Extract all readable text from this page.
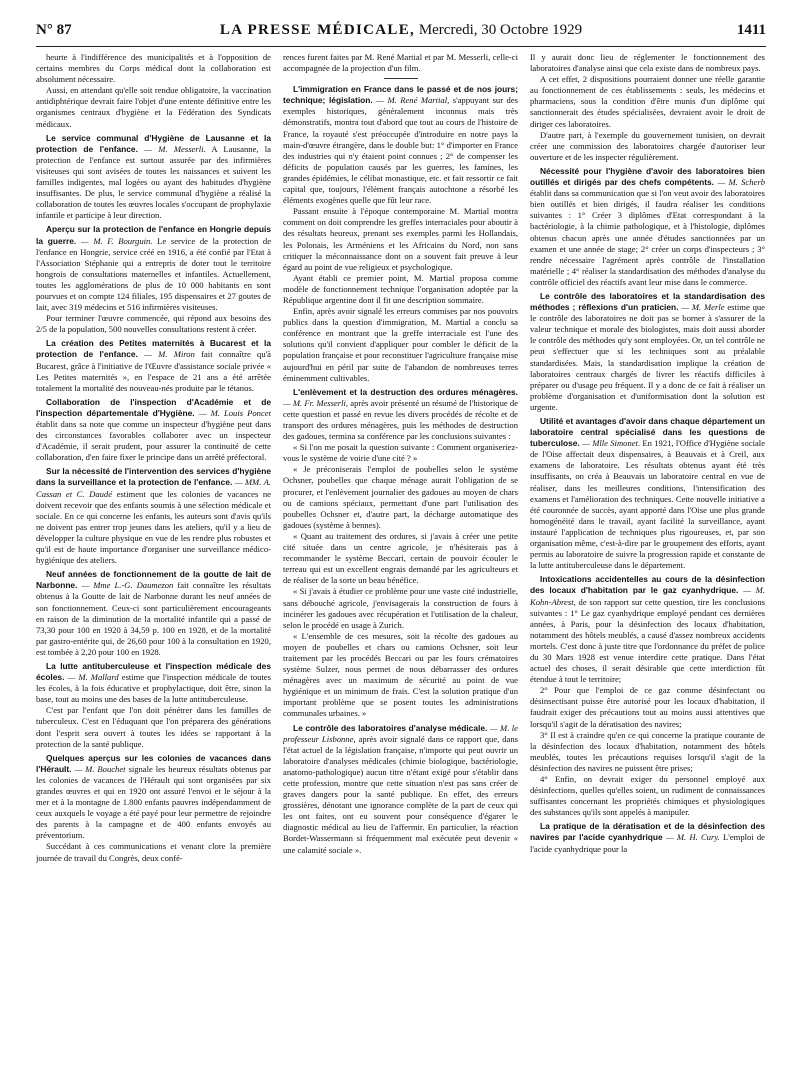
N° 87	LA PRESSE MÉDICALE, Mercredi, 30 Octobre 1929	1411

heurte à l'indifférence des municipalités et à l'opposition de certains membres du Corps médical dont la collaboration est absolument nécessaire.

Aussi, en attendant qu'elle soit rendue obligatoire, la vaccination antidiphtérique devrait faire l'objet d'une entente définitive entre les organismes centraux d'hygiène et la Fédération des Syndicats médicaux.

Le service communal d'Hygiène de Lausanne et la protection de l'enfance. — M. Messerli. A Lausanne, la protection de l'enfance est surtout assurée par des infirmières visiteuses qui sont avisées de toutes les naissances et suivent les familles indigentes, mal logées ou ayant des habitudes d'hygiène insuffisantes. De plus, le service communal d'hygiène a réalisé la collaboration de toutes les œuvres locales s'occupant de prophylaxie infantile et participe à leur direction.

Aperçu sur la protection de l'enfance en Hongrie depuis la guerre. — M. F. Bourguin. Le service de la protection de l'enfance en Hongrie, service créé en 1916, a été confié par l'Etat à l'Association Stéphanie qui a entrepris de doter tout le territoire hongrois de consultations maternelles et infantiles. Actuellement, toutes les agglomérations de plus de 10 000 habitants en sont pourvues et on compte 124 filiales, 195 dispensaires et 27 goutes de lait, avec 319 médecins et 516 infirmières visiteuses.

Pour terminer l'œuvre commencée, qui répond aux besoins des 2/5 de la population, 500 nouvelles consultations restent à créer.

La création des Petites maternités à Bucarest et la protection de l'enfance. — M. Miron fait connaître qu'à Bucarest, grâce à l'initiative de l'Œuvre d'assistance sociale privée « Les Petites maternités », en l'espace de 21 ans a été arrêtée totalement la mortalité des nouveau-nés produite par le tétanos.

Collaboration de l'inspection d'Académie et de l'inspection départementale d'Hygiène. — M. Louis Poncet établit dans sa note que comme un inspecteur d'hygiène peut dans des circonstances favorables collaborer avec un inspecteur d'Académie, il serait prudent, pour assurer la continuité de cette collaboration, d'en faire fixer le principe dans un arrêté préfectoral.

Sur la nécessité de l'intervention des services d'hygiène dans la surveillance et la protection de l'enfance. — MM. A. Cassan et C. Daudé estiment que les colonies de vacances ne doivent recevoir que des enfants soumis à une sélection médicale et sociale. En ce qui concerne les enfants, les auteurs sont d'avis qu'ils ne doivent pas entrer trop jeunes dans les ateliers, qu'il y a lieu de développer la culture physique en vue de les rendre plus robustes et qu'il est de haute importance d'organiser une surveillance médico-hygiénique des ateliers.

Neuf années de fonctionnement de la goutte de lait de Narbonne. — Mme L.-G. Daumezon fait connaître les résultats obtenus à la Goutte de lait de Narbonne durant les neuf années de son fonctionnement. Ceux-ci sont particulièrement encourageants en raison de la diminution de la mortalité infantile qui a passé de 73,30 pour 100 en 1920 à 34,59 p. 100 en 1928, et de la mortalité par gastro-entérite qui, de 26,60 pour 100 à la consultation en 1920, est tombée à 2,20 pour 100 en 1928.

La lutte antituberculeuse et l'inspection médicale des écoles. — M. Mallard estime que l'inspection médicale de toutes les écoles, à la fois éducative et prophylactique, doit être, sinon la base, tout au moins une des bases de la lutte antituberculeuse.

C'est par l'enfant que l'on doit pénétrer dans les familles de tuberculeux. C'est en l'éduquant que l'on préparera des générations dont l'esprit sera ouvert à toutes les idées se rapportant à la protection de la santé publique.

Quelques aperçus sur les colonies de vacances dans l'Hérault. — M. Bouchet signale les heureux résultats obtenus par les colonies de vacances de l'Hérault qui sont organisées par six grandes œuvres et qui en 1920 ont assuré l'envoi et le séjour à la mer et à la montagne de 1.800 enfants pauvres indépendamment de ceux auxquels le voyage a été payé pour leur permettre de rejoindre des parents à la campagne et de 400 enfants envoyés au préventorium.

Succédant à ces communications et venant clore la première journée de travail du Congrès, deux confé-

rences furent faites par M. René Martial et par M. Messerli, celle-ci accompagnée de la projection d'un film.

L'immigration en France dans le passé et de nos jours; technique; législation. — M. René Martial, s'appuyant sur des exemples historiques, généralement inconnus mais très démonstratifs, montra tout d'abord que tout au cours de l'histoire de France, la royauté s'est préoccupée d'introduire en notre pays la main-d'œuvre étrangère, dans le double but: 1° d'importer en France des industries qui n'y étaient point connues ; 2° de compenser les déficits de population causés par les guerres, les famines, les grandes épidémies, le célibat monastique, etc. et fait ressortir ce fait capital que, toujours, l'élément français autochtone a résorbé les éléments exogènes quelle que fût leur race.

Passant ensuite à l'époque contemporaine M. Martial montra comment on doit comprendre les greffes interraciales pour aboutir à des résultats heureux, prenant ses exemples parmi les Hollandais, les Polonais, les Arméniens et les Africains du Nord, non sans critiquer la méconnaissance dont on a souvent fait preuve à leur égard au point de vue religieux et psychologique.

Ayant établi ce premier point, M. Martial proposa comme modèle de fonctionnement technique l'organisation adoptée par la République argentine dont il fit une description sommaire.

Enfin, après avoir signalé les erreurs commises par nos pouvoirs publics dans la question d'immigration, M. Martial a conclu sa conférence en montrant que la greffe interraciale est l'une des solutions qu'il convient d'appliquer pour combler le déficit de la population française et pour reconstituer l'agriculture française mise aujourd'hui en péril par suite de l'abandon de nombreuses terres éminemment cultivables.

L'enlèvement et la destruction des ordures ménagères. — M. Fr. Messerli, après avoir présenté un résumé de l'historique de cette question et passé en revue les divers procédés de récolte et de transport des ordures ménagères, puis les méthodes de destruction des gadoues, termina sa conférence par les conclusions suivantes :

« Si l'on me posait la question suivante : Comment organiseriez-vous le système de voirie d'une cité ? »

« Je préconiserais l'emploi de poubelles selon le système Ochsner, poubelles que chaque ménage aurait l'obligation de se procurer, et l'enlèvement journalier des gadoues au moyen de chars ou de camions spéciaux, permettant d'une part l'utilisation des poubelles Ochsner et, d'autre part, la décharge automatique des gadoues (système à bennes).

« Quant au traitement des ordures, si j'avais à créer une petite cité située dans un centre agricole, je n'hésiterais pas à recommander le système Beccari, certain de pouvoir écouler le terreau qui est un excellent engrais demandé par les agriculteurs et de réaliser de la sorte un beau bénéfice.

« Si j'avais à étudier ce problème pour une vaste cité industrielle, sans débouché agricole, j'envisagerais la construction de fours à incinérer les gadoues avec récupération et l'utilisation de la chaleur, selon le procédé en usage à Zurich.

« L'ensemble de ces mesures, soit la récolte des gadoues au moyen de poubelles et chars ou camions Ochsner, soit leur traitement par les procédés Beccari ou par les fours crématoires système Sulzer, nous permet de nous débarrasser des ordures ménagères avec un maximum de sécurité au point de vue hygiénique et un minimum de frais. C'est la solution pratique d'un important problème que se posent toutes les administrations communales urbaines. »

Le contrôle des laboratoires d'analyse médicale. — M. le professeur Lisbonne, après avoir signalé dans ce rapport que, dans l'état actuel de la législation française, n'importe qui peut ouvrir un laboratoire d'analyses médicales (chimie biologique, bactériologie, anatomo-pathologique) aucun titre n'étant exigé pour s'établir dans cette profession, montre que cette situation n'est pas sans créer de graves dangers pour la santé publique. En effet, des erreurs grossières, dénotant une ignorance complète de la part de ceux qui les ont faites, ont eu souvent pour conséquence d'égarer le diagnostic médical au lieu de l'affermir. En particulier, la réaction Bordet-Wassermann si fréquemment mal exécutée peut devenir « une calamité sociale ».

Il y aurait donc lieu de réglementer le fonctionnement des laboratoires d'analyse ainsi que cela existe dans de nombreux pays.

A cet effet, 2 dispositions pourraient donner une réelle garantie au fonctionnement de ces établissements : seuls, les médecins et pharmaciens, sous la condition d'être munis d'un diplôme qui sanctionnerait des études spécialisées, devraient avoir le droit de diriger ces laboratoires.

D'autre part, à l'exemple du gouvernement tunisien, on devrait créer une commission des laboratoires chargée d'autoriser leur ouverture et de les inspecter régulièrement.

Nécessité pour l'hygiène d'avoir des laboratoires bien outillés et dirigés par des chefs compétents. — M. Scherb établit dans sa communication que si l'on veut avoir des laboratoires bien outillés et bien dirigés, il faudra réaliser les conditions suivantes : 1° Créer 3 diplômes d'Etat correspondant à la bactériologie, à la chimie pathologique, et à l'histologie, diplômes obtenus chacun après une année d'études sanctionnées par un examen et une année de stage; 2° créer un corps d'inspecteurs ; 3° rendre nécessaire l'agrément après contrôle de l'installation matérielle ; 4° réaliser la standardisation des méthodes d'analyse du contrôle officiel des réactifs avant leur mise dans le commerce.

Le contrôle des laboratoires et la standardisation des méthodes ; réflexions d'un praticien. — M. Merle estime que le contrôle des laboratoires ne doit pas se borner à s'assurer de la valeur technique et morale des biologistes, mais doit aussi aborder le contrôle des méthodes qu'y sont employées. Or, un tel contrôle ne peut s'effectuer que si les techniques sont au préalable standardisées. Mais, la standardisation implique la création de laboratoires centraux chargés de livrer les réactifs difficiles à préparer ou d'usage peu fréquent. Il y a donc de ce fait à réaliser un problème d'organisation et d'uniformisation dont la solution est urgente.

Utilité et avantages d'avoir dans chaque département un laboratoire central spécialisé dans les questions de tuberculose. — Mlle Simonet. En 1921, l'Office d'Hygiène sociale de l'Oise affectait deux dispensaires, à Beauvais et à Creil, aux examens de laboratoire. Les résultats obtenus ayant été très insuffisants, on créa à Beauvais un laboratoire central en vue de réaliser, dans les meilleures conditions, l'intensification des examens et l'amélioration des techniques. Cette nouvelle initiative a été couronnée de succès, ayant apporté dans l'Oise une plus grande homogénéité dans le travail, ayant facilité la surveillance, ayant instauré l'application de techniques plus rigoureuses, et, par son organisation même, c'est-à-dire par le groupement des efforts, ayant permis au laboratoire de suivre la progression rapide et constante de la lutte antituberculeuse dans le département.

Intoxications accidentelles au cours de la désinfection des locaux d'habitation par le gaz cyanhydrique. — M. Kohn-Abrest, de son rapport sur cette question, tire les conclusions suivantes : 1° Le gaz cyanhydrique employé pendant ces dernières années, à Paris, pour la désinfection des locaux d'habitation, notamment des hôtels meublés, a causé d'assez nombreux accidents mortels. C'est donc à juste titre que l'ordonnance du préfet de police du 30 Mars 1928 est venue interdire cette pratique. Dans l'état actuel des choses, il serait désirable que cette interdiction fût étendue à tout le territoire;

2° Pour que l'emploi de ce gaz comme désinfectant ou désinsectisant puisse être autorisé pour les locaux d'habitation, il faudrait exiger des précautions tout au moins aussi attentives que lorsqu'il s'agit de la dératisation des navires;

3° Il est à craindre qu'en ce qui concerne la pratique courante de la désinfection des locaux d'habitation, notamment des hôtels meublés, toutes les précautions requises lorsqu'il s'agit de la désinfection des navires ne puissent être prises;

4° Enfin, on devrait exiger du personnel employé aux désinfections, quelles qu'elles soient, un rudiment de connaissances suffisantes concernant les propriétés chimiques et physiologiques des substances qu'ils sont appelés à manipuler.

La pratique de la dératisation et de la désinfection des navires par l'acide cyanhydrique — M. H. Cury. L'emploi de l'acide cyanhydrique pour la
